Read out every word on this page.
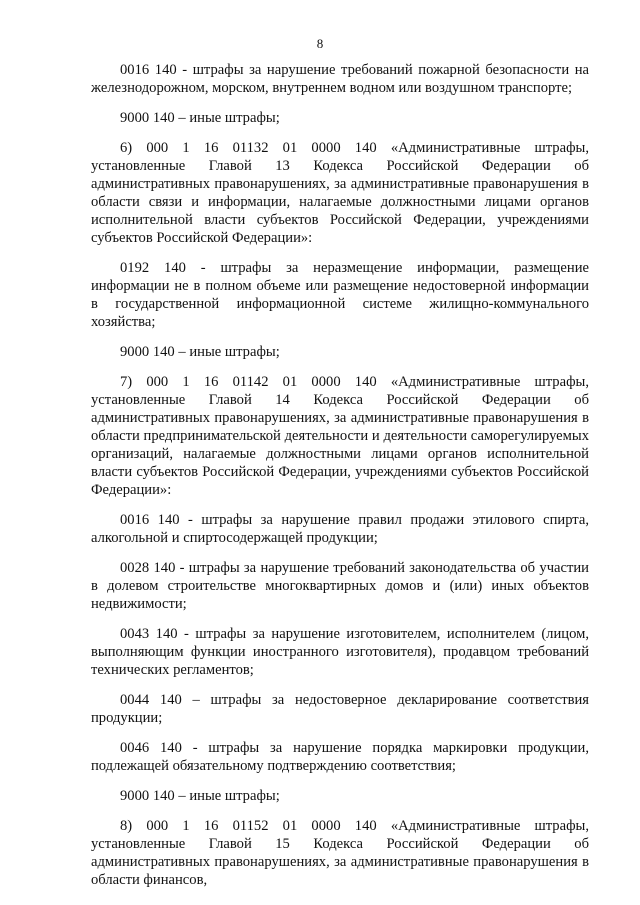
8

0016 140 - штрафы за нарушение требований пожарной безопасности на железнодорожном, морском, внутреннем водном или воздушном транспорте;

9000 140 – иные штрафы;

6) 000 1 16 01132 01 0000 140 «Административные штрафы, установленные Главой 13 Кодекса Российской Федерации об административных правонарушениях, за административные правонарушения в области связи и информации, налагаемые должностными лицами органов исполнительной власти субъектов Российской Федерации, учреждениями субъектов Российской Федерации»:

0192 140 - штрафы за неразмещение информации, размещение информации не в полном объеме или размещение недостоверной информации в государственной информационной системе жилищно-коммунального хозяйства;

9000 140 – иные штрафы;

7) 000 1 16 01142 01 0000 140 «Административные штрафы, установленные Главой 14 Кодекса Российской Федерации об административных правонарушениях, за административные правонарушения в области предпринимательской деятельности и деятельности саморегулируемых организаций, налагаемые должностными лицами органов исполнительной власти субъектов Российской Федерации, учреждениями субъектов Российской Федерации»:

0016 140 - штрафы за нарушение правил продажи этилового спирта, алкогольной и спиртосодержащей продукции;

0028 140 - штрафы за нарушение требований законодательства об участии в долевом строительстве многоквартирных домов и (или) иных объектов недвижимости;

0043 140 - штрафы за нарушение изготовителем, исполнителем (лицом, выполняющим функции иностранного изготовителя), продавцом требований технических регламентов;

0044 140 – штрафы за недостоверное декларирование соответствия продукции;

0046 140 - штрафы за нарушение порядка маркировки продукции, подлежащей обязательному подтверждению соответствия;

9000 140 – иные штрафы;

8) 000 1 16 01152 01 0000 140 «Административные штрафы, установленные Главой 15 Кодекса Российской Федерации об административных правонарушениях, за административные правонарушения в области финансов,
